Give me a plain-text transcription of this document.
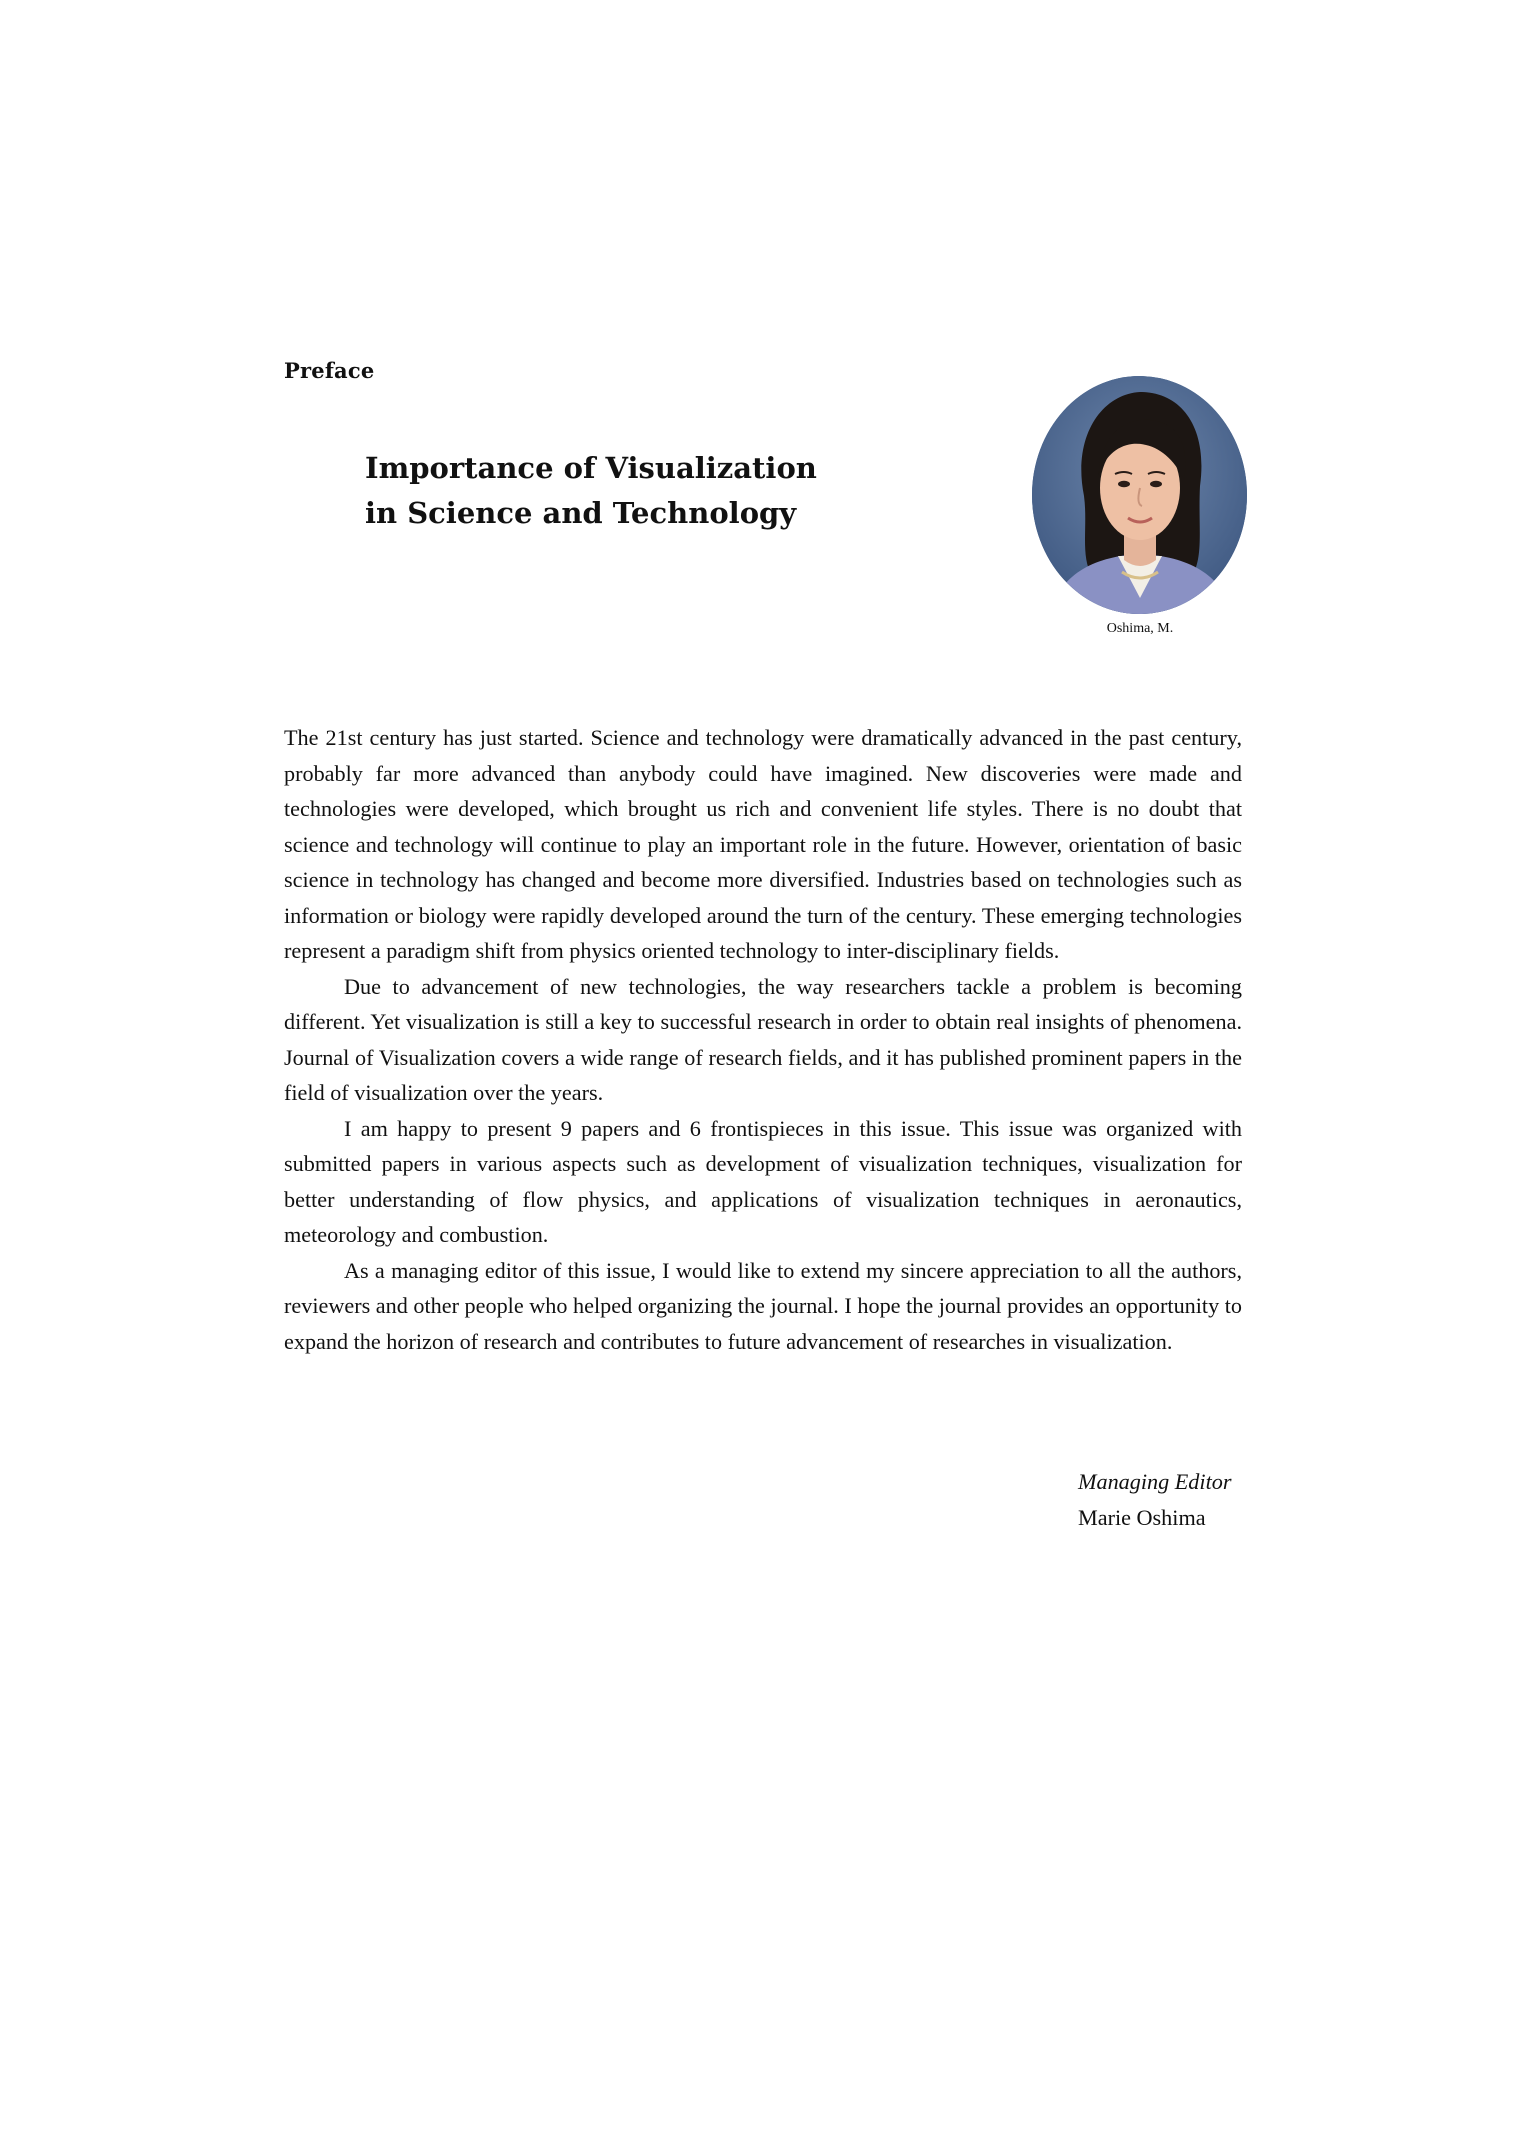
Preface
Importance of Visualization
in Science and Technology
Oshima, M.

The 21st century has just started. Science and technology were dramatically advanced in the past century, probably far more advanced than anybody could have imagined. New discoveries were made and technologies were developed, which brought us rich and convenient life styles. There is no doubt that science and technology will continue to play an important role in the future. However, orientation of basic science in technology has changed and become more diversified. Industries based on technologies such as information or biology were rapidly developed around the turn of the century. These emerging technologies represent a paradigm shift from physics oriented technology to inter-disciplinary fields.

Due to advancement of new technologies, the way researchers tackle a problem is becoming different. Yet visualization is still a key to successful research in order to obtain real insights of phenomena. Journal of Visualization covers a wide range of research fields, and it has published prominent papers in the field of visualization over the years.

I am happy to present 9 papers and 6 frontispieces in this issue. This issue was organized with submitted papers in various aspects such as development of visualization techniques, visualization for better understanding of flow physics, and applications of visualization techniques in aeronautics, meteorology and combustion.

As a managing editor of this issue, I would like to extend my sincere appreciation to all the authors, reviewers and other people who helped organizing the journal. I hope the journal provides an opportunity to expand the horizon of research and contributes to future advancement of researches in visualization.

Managing Editor
Marie Oshima
